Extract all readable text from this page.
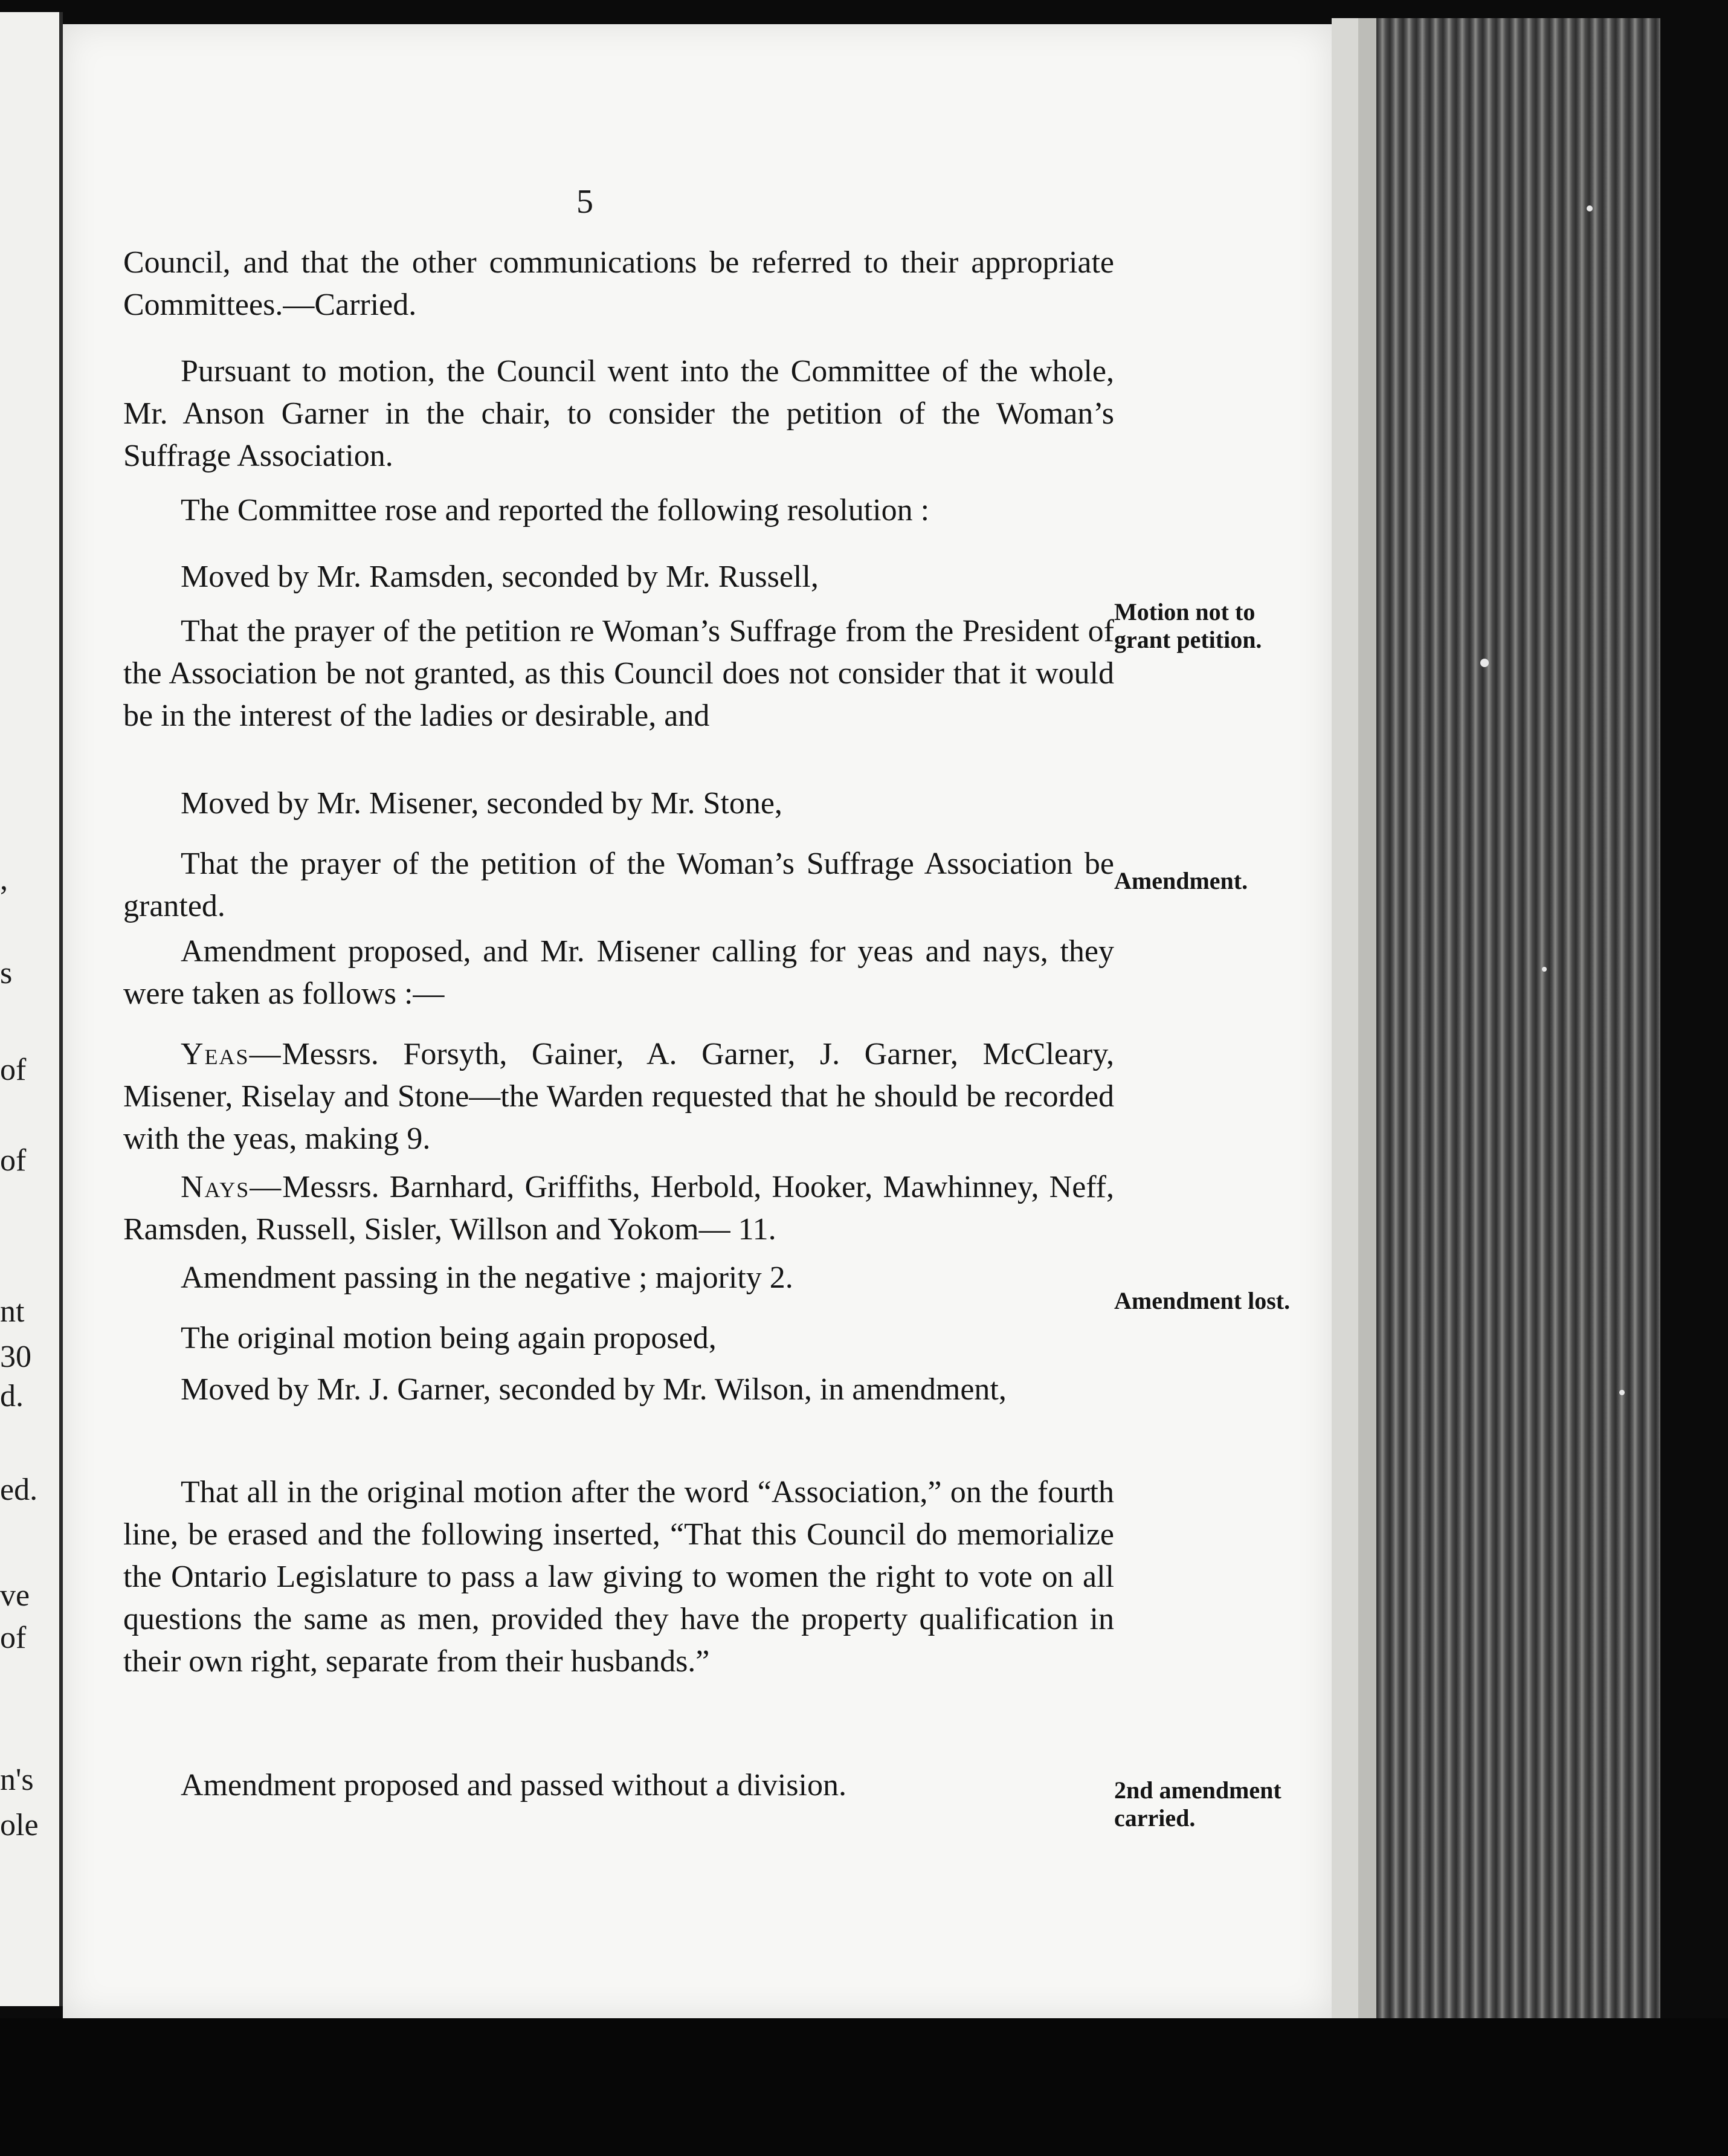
,
s
of
of
nt
30
d.
ed.
ve
of
n's
ole
5

Council, and that the other communications be referred to their appropriate Committees.—Carried.

Pursuant to motion, the Council went into the Committee of the whole, Mr. Anson Garner in the chair, to consider the petition of the Woman’s Suffrage Association.

The Committee rose and reported the following resolution :

Moved by Mr. Ramsden, seconded by Mr. Russell,

That the prayer of the petition re Woman’s Suffrage from the President of the Association be not granted, as this Council does not consider that it would be in the interest of the ladies or desirable, and

Moved by Mr. Misener, seconded by Mr. Stone,

That the prayer of the petition of the Woman’s Suffrage Association be granted.

Amendment proposed, and Mr. Misener calling for yeas and nays, they were taken as follows :—

Yeas—Messrs. Forsyth, Gainer, A. Garner, J. Garner, McCleary, Misener, Riselay and Stone—the Warden requested that he should be recorded with the yeas, making 9.

Nays—Messrs. Barnhard, Griffiths, Herbold, Hooker, Mawhinney, Neff, Ramsden, Russell, Sisler, Willson and Yokom— 11.

Amendment passing in the negative ; majority 2.

The original motion being again proposed,

Moved by Mr. J. Garner, seconded by Mr. Wilson, in amendment,

That all in the original motion after the word “Association,” on the fourth line, be erased and the following inserted, “That this Council do memorialize the Ontario Legislature to pass a law giving to women the right to vote on all questions the same as men, provided they have the property qualification in their own right, separate from their husbands.”

Amendment proposed and passed without a division.

Motion not to grant petition.
Amendment.
Amendment lost.
2nd amendment carried.
